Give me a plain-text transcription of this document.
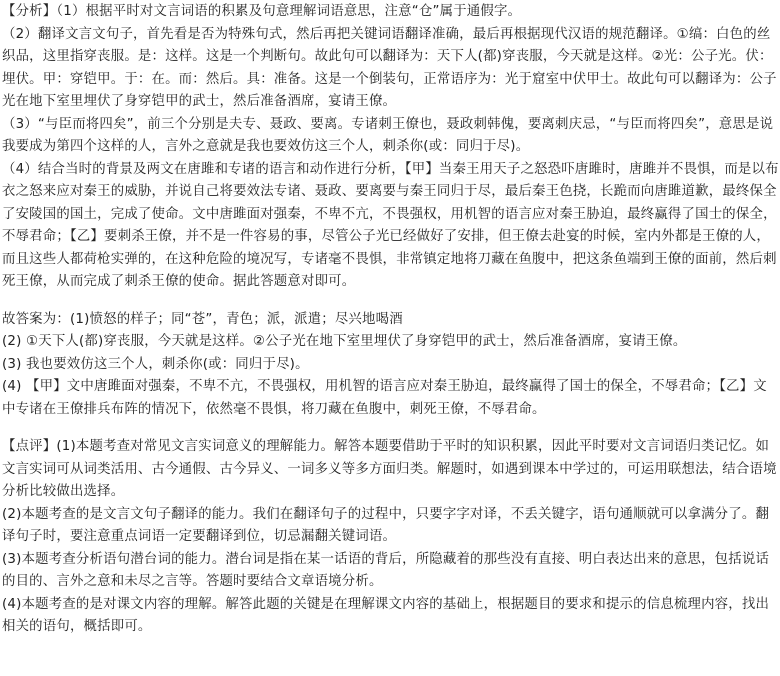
【分析】（1）根据平时对文言词语的积累及句意理解词语意思，注意“仓”属于通假字。

（2）翻译文言文句子，首先看是否为特殊句式，然后再把关键词语翻译准确，最后再根据现代汉语的规范翻译。①缟：白色的丝织品，这里指穿丧服。是：这样。这是一个判断句。故此句可以翻译为：天下人(都)穿丧服，今天就是这样。②光：公子光。伏：埋伏。甲：穿铠甲。于：在。而：然后。具：准备。这是一个倒装句，正常语序为：光于窟室中伏甲士。故此句可以翻译为：公子光在地下室里埋伏了身穿铠甲的武士，然后准备酒席，宴请王僚。

（3）“与臣而将四矣”，前三个分别是夫专、聂政、要离。专诸刺王僚也，聂政刺韩傀，要离刺庆忌，“与臣而将四矣”，意思是说我要成为第四个这样的人，言外之意就是我也要效仿这三个人，刺杀你(或：同归于尽)。

（4）结合当时的背景及两文在唐雎和专诸的语言和动作进行分析，【甲】当秦王用天子之怒恐吓唐雎时，唐雎并不畏惧，而是以布衣之怒来应对秦王的威胁，并说自己将要效法专诸、聂政、要离要与秦王同归于尽，最后秦王色挠，长跪而向唐雎道歉，最终保全了安陵国的国土，完成了使命。文中唐雎面对强秦，不卑不亢，不畏强权，用机智的语言应对秦王胁迫，最终赢得了国士的保全，不辱君命；【乙】要刺杀王僚，并不是一件容易的事，尽管公子光已经做好了安排，但王僚去赴宴的时候，室内外都是王僚的人，而且这些人都荷枪实弹的，在这种危险的境况写，专诸毫不畏惧，非常镇定地将刀藏在鱼腹中，把这条鱼端到王僚的面前，然后刺死王僚，从而完成了刺杀王僚的使命。据此答题意对即可。

故答案为：(1)愤怒的样子；同“苍”，青色；派，派遣；尽兴地喝酒

(2) ①天下人(都)穿丧服，今天就是这样。②公子光在地下室里埋伏了身穿铠甲的武士，然后准备酒席，宴请王僚。

(3) 我也要效仿这三个人，刺杀你(或：同归于尽)。

(4) 【甲】文中唐雎面对强秦，不卑不亢，不畏强权，用机智的语言应对秦王胁迫，最终赢得了国士的保全，不辱君命；【乙】文中专诸在王僚排兵布阵的情况下，依然毫不畏惧，将刀藏在鱼腹中，刺死王僚，不辱君命。

【点评】(1)本题考查对常见文言实词意义的理解能力。解答本题要借助于平时的知识积累，因此平时要对文言词语归类记忆。如文言实词可从词类活用、古今通假、古今异义、一词多义等多方面归类。解题时，如遇到课本中学过的，可运用联想法，结合语境分析比较做出选择。

(2)本题考查的是文言文句子翻译的能力。我们在翻译句子的过程中，只要字字对译，不丢关键字，语句通顺就可以拿满分了。翻译句子时，要注意重点词语一定要翻译到位，切忌漏翻关键词语。

(3)本题考查分析语句潜台词的能力。潜台词是指在某一话语的背后，所隐藏着的那些没有直接、明白表达出来的意思，包括说话的目的、言外之意和未尽之言等。答题时要结合文章语境分析。

(4)本题考查的是对课文内容的理解。解答此题的关键是在理解课文内容的基础上，根据题目的要求和提示的信息梳理内容，找出相关的语句，概括即可。
